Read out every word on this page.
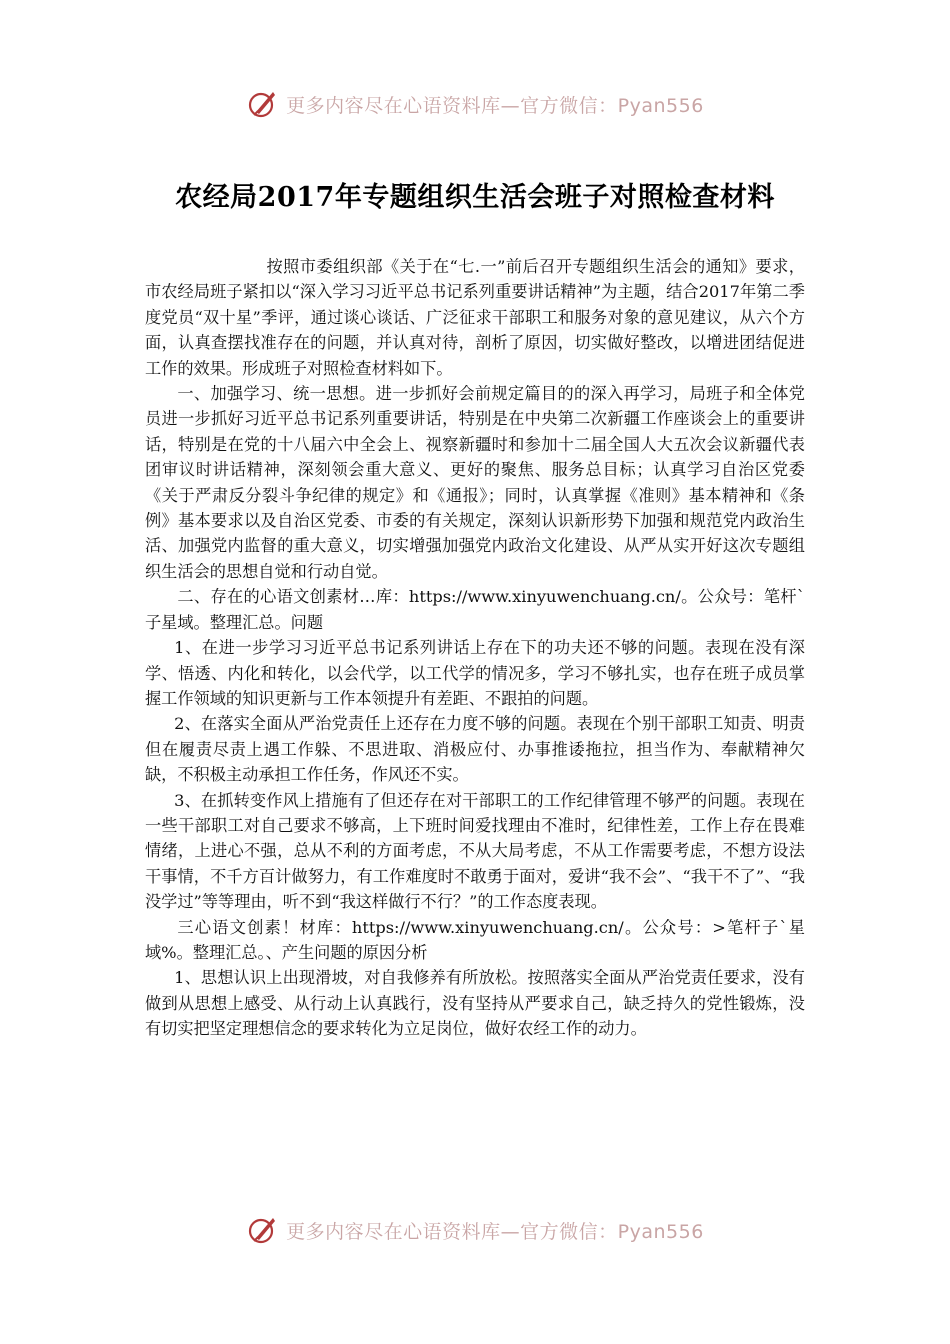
更多内容尽在心语资料库—官方微信：Pyan556
农经局2017年专题组织生活会班子对照检查材料

按照市委组织部《关于在“七.一”前后召开专题组织生活会的通知》要求，市农经局班子紧扣以“深入学习习近平总书记系列重要讲话精神”为主题，结合2017年第二季度党员“双十星”季评，通过谈心谈话、广泛征求干部职工和服务对象的意见建议，从六个方面，认真查摆找准存在的问题，并认真对待，剖析了原因，切实做好整改，以增进团结促进工作的效果。形成班子对照检查材料如下。

一、加强学习、统一思想。进一步抓好会前规定篇目的的深入再学习，局班子和全体党员进一步抓好习近平总书记系列重要讲话，特别是在中央第二次新疆工作座谈会上的重要讲话，特别是在党的十八届六中全会上、视察新疆时和参加十二届全国人大五次会议新疆代表团审议时讲话精神，深刻领会重大意义、更好的聚焦、服务总目标；认真学习自治区党委《关于严肃反分裂斗争纪律的规定》和《通报》；同时，认真掌握《准则》基本精神和《条例》基本要求以及自治区党委、市委的有关规定，深刻认识新形势下加强和规范党内政治生活、加强党内监督的重大意义，切实增强加强党内政治文化建设、从严从实开好这次专题组织生活会的思想自觉和行动自觉。

二、存在的心语文创素材…库：https://www.xinyuwenchuang.cn/。公众号：笔杆`子星域。整理汇总。问题

1、在进一步学习习近平总书记系列讲话上存在下的功夫还不够的问题。表现在没有深学、悟透、内化和转化，以会代学，以工代学的情况多，学习不够扎实，也存在班子成员掌握工作领域的知识更新与工作本领提升有差距、不跟拍的问题。

2、在落实全面从严治党责任上还存在力度不够的问题。表现在个别干部职工知责、明责但在履责尽责上遇工作躲、不思进取、消极应付、办事推诿拖拉，担当作为、奉献精神欠缺，不积极主动承担工作任务，作风还不实。

3、在抓转变作风上措施有了但还存在对干部职工的工作纪律管理不够严的问题。表现在一些干部职工对自己要求不够高，上下班时间爱找理由不准时，纪律性差，工作上存在畏难情绪，上进心不强，总从不利的方面考虑，不从大局考虑，不从工作需要考虑，不想方设法干事情，不千方百计做努力，有工作难度时不敢勇于面对，爱讲“我不会”、“我干不了”、“我没学过”等等理由，听不到“我这样做行不行？”的工作态度表现。

三心语文创素！材库：https://www.xinyuwenchuang.cn/。公众号：>笔杆子`星域%。整理汇总。、产生问题的原因分析

1、思想认识上出现滑坡，对自我修养有所放松。按照落实全面从严治党责任要求，没有做到从思想上感受、从行动上认真践行，没有坚持从严要求自己，缺乏持久的党性锻炼，没有切实把坚定理想信念的要求转化为立足岗位，做好农经工作的动力。

更多内容尽在心语资料库—官方微信：Pyan556
